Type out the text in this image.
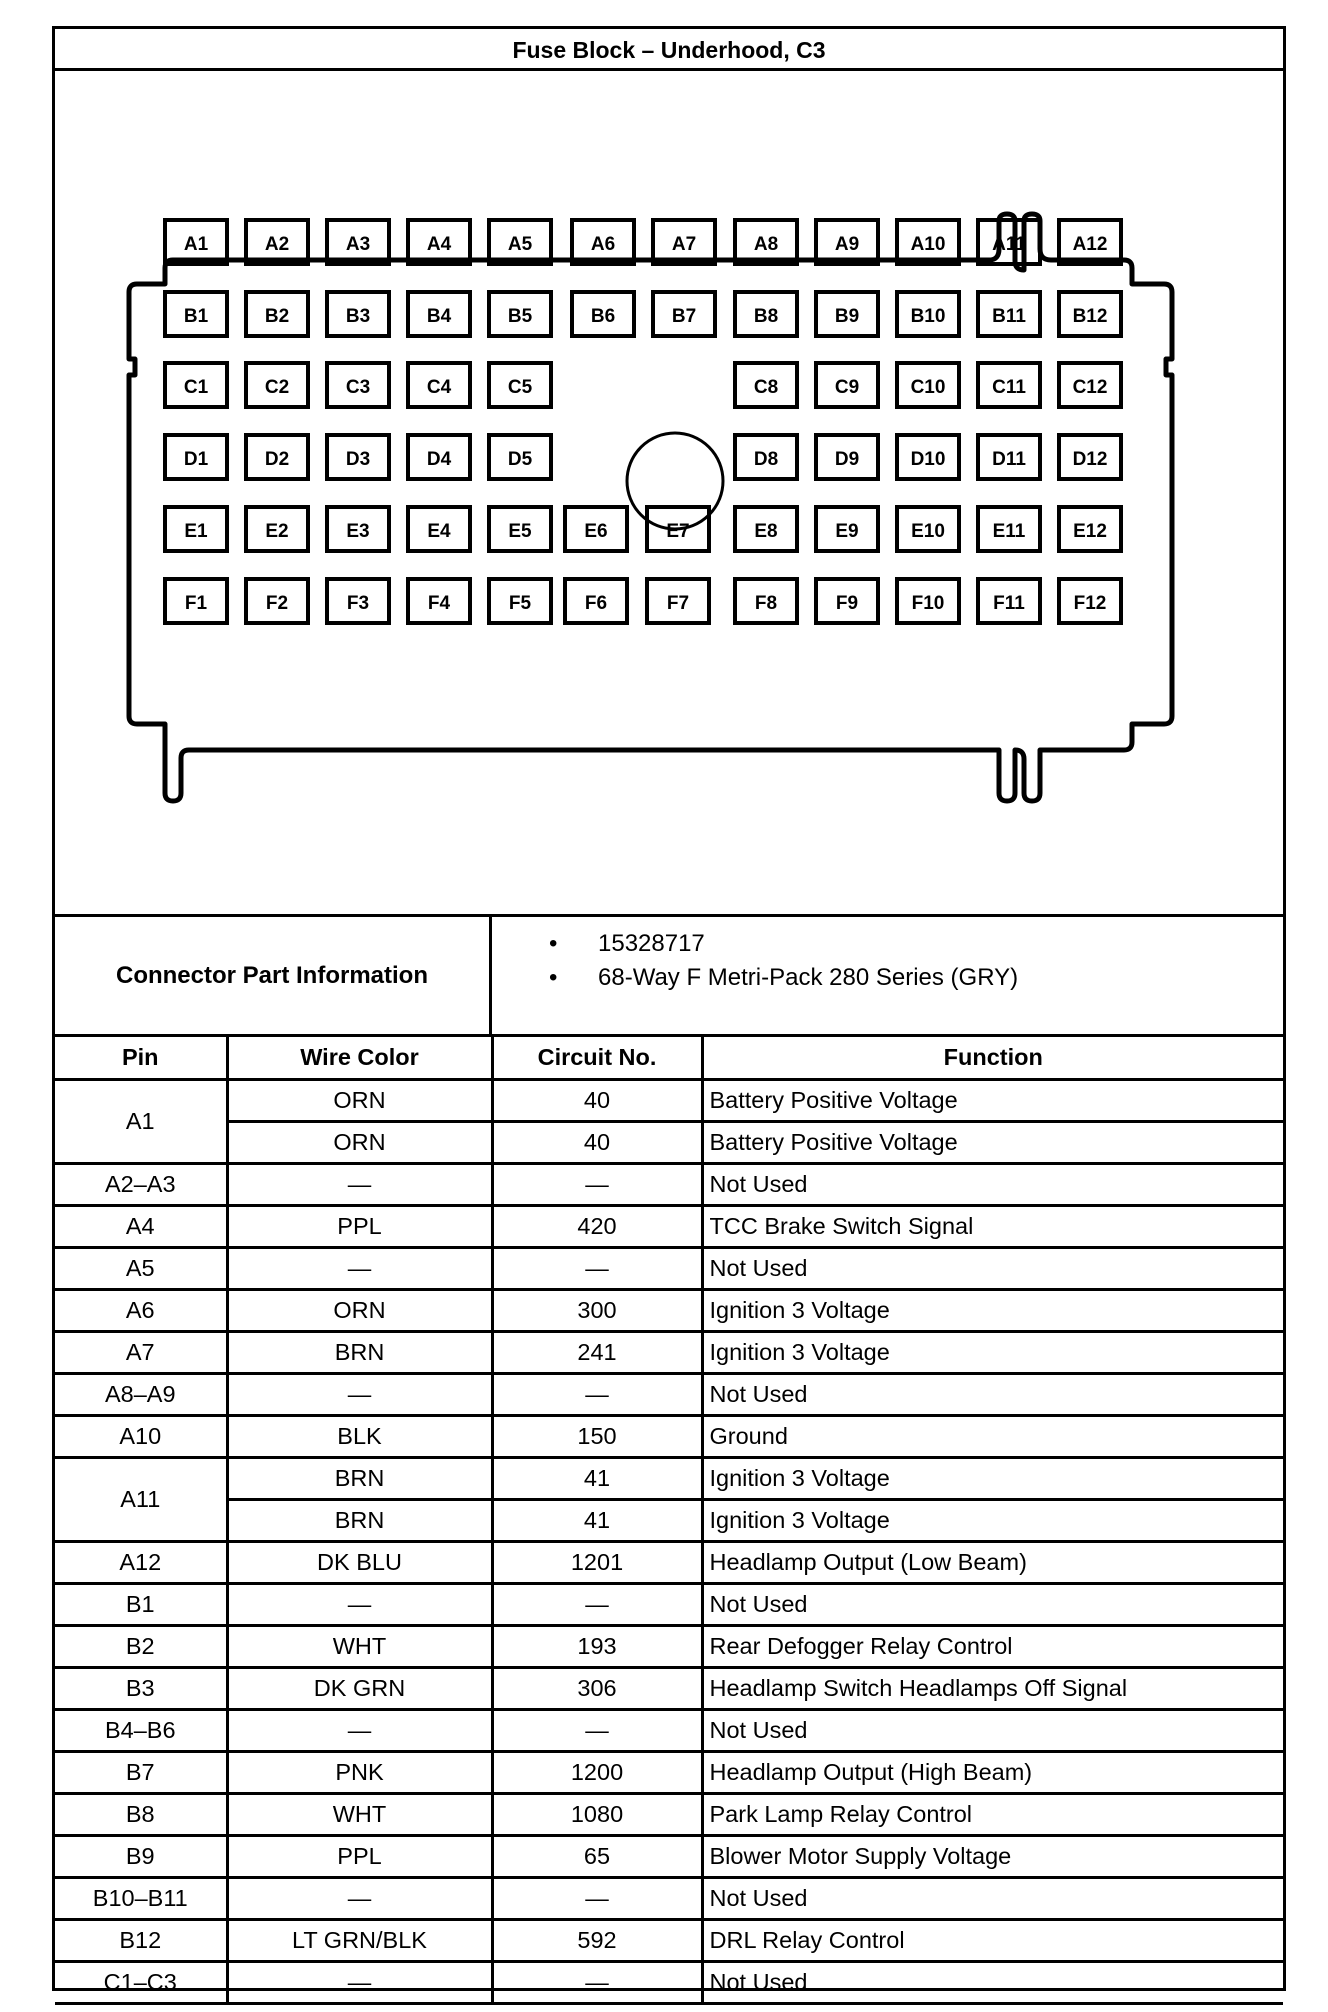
Fuse Block – Underhood, C3
A1	A2	A3	A4	A5	A6	A7	A8	A9	A10 A11 A12
B1	B2	B3	B4	B5	B6	B7	B8	B9	B10 B11 B12
C1	C2	C3	C4	C5	C8	C9	C10 C11 C12
D1	D2	D3	D4	D5	D8	D9	D10 D11 D12
E1	E2	E3	E4	E5	E6	E7	E8	E9	E10	E11	E12
F1	F2	F3	F4	F5	F6	F7	F8	F9	F10	F11	F12
Connector Part Information
• 15328717
• 68-Way F Metri-Pack 280 Series (GRY)
Pin	Wire Color	Circuit No.	Function
A1	ORN	40	Battery Positive Voltage
	ORN	40	Battery Positive Voltage
A2–A3	—	—	Not Used
A4	PPL	420	TCC Brake Switch Signal
A5	—	—	Not Used
A6	ORN	300	Ignition 3 Voltage
A7	BRN	241	Ignition 3 Voltage
A8–A9	—	—	Not Used
A10	BLK	150	Ground
A11	BRN	41	Ignition 3 Voltage
	BRN	41	Ignition 3 Voltage
A12	DK BLU	1201	Headlamp Output (Low Beam)
B1	—	—	Not Used
B2	WHT	193	Rear Defogger Relay Control
B3	DK GRN	306	Headlamp Switch Headlamps Off Signal
B4–B6	—	—	Not Used
B7	PNK	1200	Headlamp Output (High Beam)
B8	WHT	1080	Park Lamp Relay Control
B9	PPL	65	Blower Motor Supply Voltage
B10–B11	—	—	Not Used
B12	LT GRN/BLK	592	DRL Relay Control
C1–C3	—	—	Not Used
